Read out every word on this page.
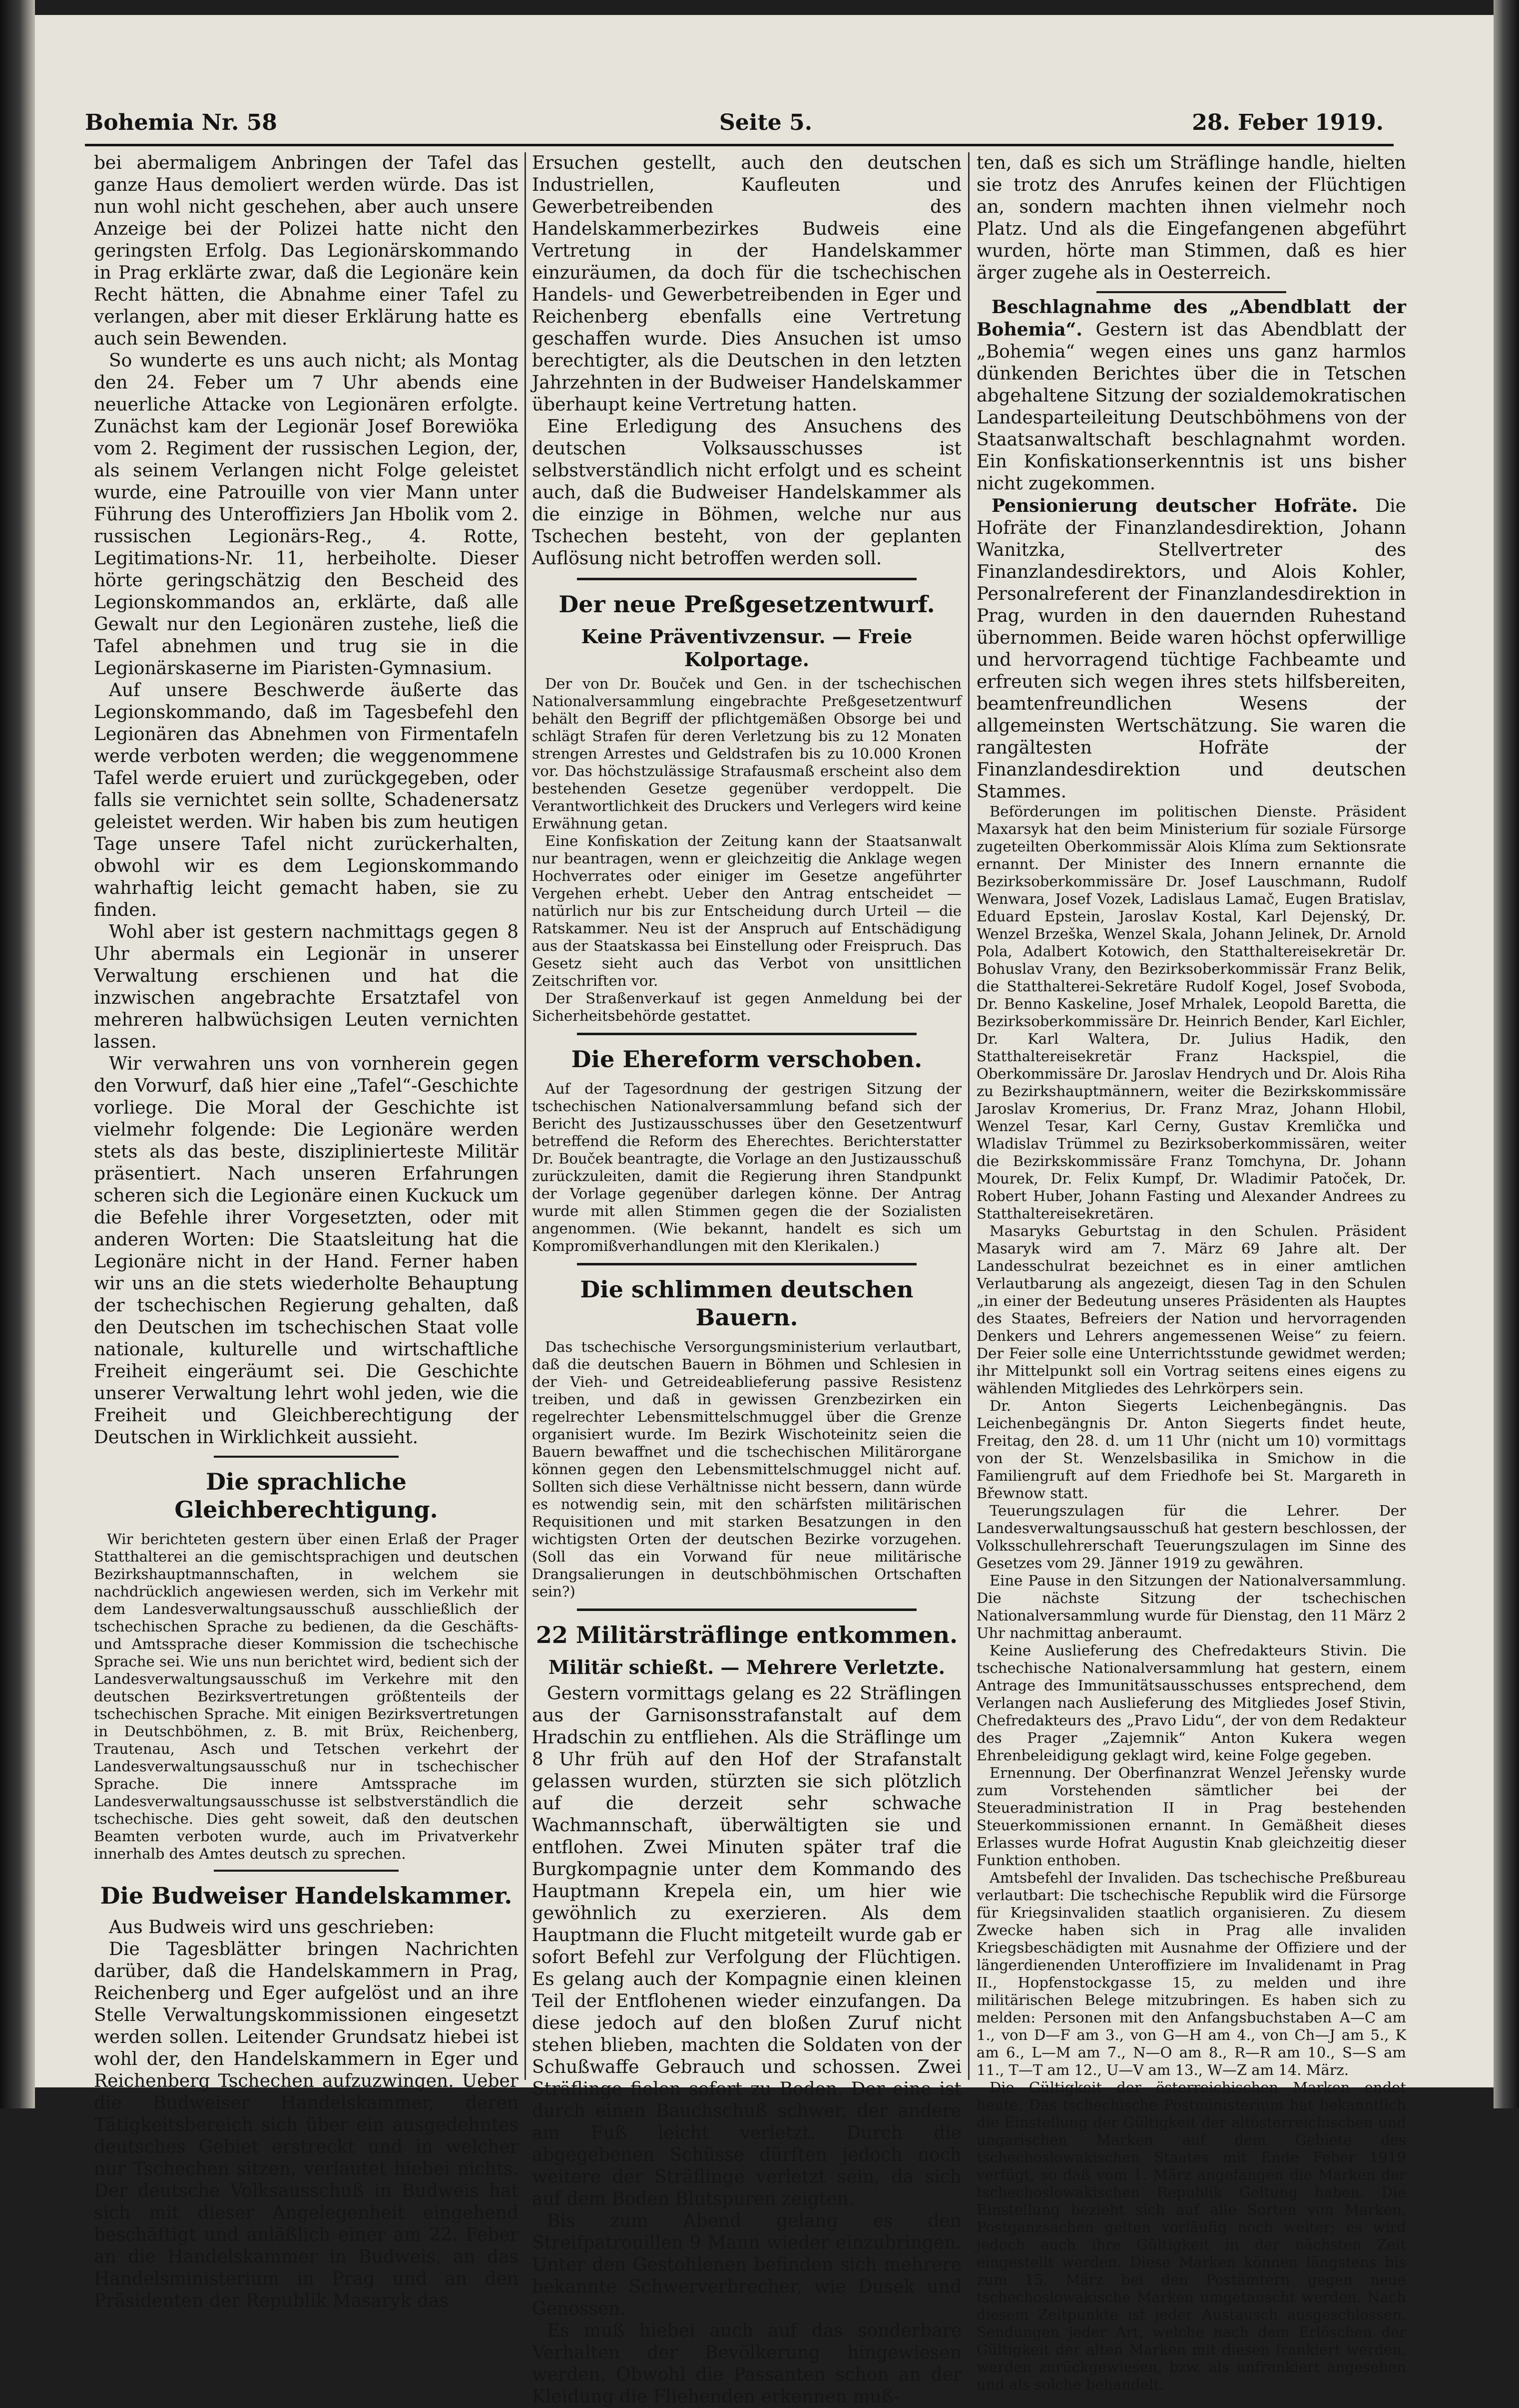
Bohemia Nr. 58	Seite 5.	28. Feber 1919.

bei abermaligem Anbringen der Tafel das ganze Haus demoliert werden würde. Das ist nun wohl nicht geschehen, aber auch unsere Anzeige bei der Polizei hatte nicht den geringsten Erfolg. Das Legionärskommando in Prag erklärte zwar, daß die Legionäre kein Recht hätten, die Abnahme einer Tafel zu verlangen, aber mit dieser Erklärung hatte es auch sein Bewenden.

So wunderte es uns auch nicht; als Montag den 24. Feber um 7 Uhr abends eine neuerliche Attacke von Legionären erfolgte. Zunächst kam der Legionär Josef Borewiöka vom 2. Regiment der russischen Legion, der, als seinem Verlangen nicht Folge geleistet wurde, eine Patrouille von vier Mann unter Führung des Unteroffiziers Jan Hbolik vom 2. russischen Legionärs-Reg., 4. Rotte, Legitimations-Nr. 11, herbeiholte. Dieser hörte geringschätzig den Bescheid des Legionskommandos an, erklärte, daß alle Gewalt nur den Legionären zustehe, ließ die Tafel abnehmen und trug sie in die Legionärskaserne im Piaristen-Gymnasium.

Auf unsere Beschwerde äußerte das Legionskommando, daß im Tagesbefehl den Legionären das Abnehmen von Firmentafeln werde verboten werden; die weggenommene Tafel werde eruiert und zurückgegeben, oder falls sie vernichtet sein sollte, Schadenersatz geleistet werden. Wir haben bis zum heutigen Tage unsere Tafel nicht zurückerhalten, obwohl wir es dem Legionskommando wahrhaftig leicht gemacht haben, sie zu finden.

Wohl aber ist gestern nachmittags gegen 8 Uhr abermals ein Legionär in unserer Verwaltung erschienen und hat die inzwischen angebrachte Ersatztafel von mehreren halbwüchsigen Leuten vernichten lassen.

Wir verwahren uns von vornherein gegen den Vorwurf, daß hier eine „Tafel“-Geschichte vorliege. Die Moral der Geschichte ist vielmehr folgende: Die Legionäre werden stets als das beste, disziplinierteste Militär präsentiert. Nach unseren Erfahrungen scheren sich die Legionäre einen Kuckuck um die Befehle ihrer Vorgesetzten, oder mit anderen Worten: Die Staatsleitung hat die Legionäre nicht in der Hand. Ferner haben wir uns an die stets wiederholte Behauptung der tschechischen Regierung gehalten, daß den Deutschen im tschechischen Staat volle nationale, kulturelle und wirtschaftliche Freiheit eingeräumt sei. Die Geschichte unserer Verwaltung lehrt wohl jeden, wie die Freiheit und Gleichberechtigung der Deutschen in Wirklichkeit aussieht.

Die sprachliche Gleichberechtigung.

Wir berichteten gestern über einen Erlaß der Prager Statthalterei an die gemischtsprachigen und deutschen Bezirkshauptmannschaften, in welchem sie nachdrücklich angewiesen werden, sich im Verkehr mit dem Landesverwaltungsausschuß ausschließlich der tschechischen Sprache zu bedienen, da die Geschäfts- und Amtssprache dieser Kommission die tschechische Sprache sei. Wie uns nun berichtet wird, bedient sich der Landesverwaltungsausschuß im Verkehre mit den deutschen Bezirksvertretungen größtenteils der tschechischen Sprache. Mit einigen Bezirksvertretungen in Deutschböhmen, z. B. mit Brüx, Reichenberg, Trautenau, Asch und Tetschen verkehrt der Landesverwaltungsausschuß nur in tschechischer Sprache. Die innere Amtssprache im Landesverwaltungsausschusse ist selbstverständlich die tschechische. Dies geht soweit, daß den deutschen Beamten verboten wurde, auch im Privatverkehr innerhalb des Amtes deutsch zu sprechen.

Die Budweiser Handelskammer.

Aus Budweis wird uns geschrieben:

Die Tagesblätter bringen Nachrichten darüber, daß die Handelskammern in Prag, Reichenberg und Eger aufgelöst und an ihre Stelle Verwaltungskommissionen eingesetzt werden sollen. Leitender Grundsatz hiebei ist wohl der, den Handelskammern in Eger und Reichenberg Tschechen aufzuzwingen. Ueber die Budweiser Handelskammer, deren Tätigkeitsbereich sich über ein ausgedehntes deutsches Gebiet erstreckt und in welcher nur Tschechen sitzen, verlautet hiebei nichts. Der deutsche Volksausschuß in Budweis hat sich mit dieser Angelegenheit eingehend beschäftigt und anläßlich einer am 22. Feber an die Handelskammer in Budweis, an das Handelsministerium in Prag und an den Präsidenten der Republik Masaryk das

Ersuchen gestellt, auch den deutschen Industriellen, Kaufleuten und Gewerbetreibenden des Handelskammerbezirkes Budweis eine Vertretung in der Handelskammer einzuräumen, da doch für die tschechischen Handels- und Gewerbetreibenden in Eger und Reichenberg ebenfalls eine Vertretung geschaffen wurde. Dies Ansuchen ist umso berechtigter, als die Deutschen in den letzten Jahrzehnten in der Budweiser Handelskammer überhaupt keine Vertretung hatten.

Eine Erledigung des Ansuchens des deutschen Volksausschusses ist selbstverständlich nicht erfolgt und es scheint auch, daß die Budweiser Handelskammer als die einzige in Böhmen, welche nur aus Tschechen besteht, von der geplanten Auflösung nicht betroffen werden soll.

Der neue Preßgesetzentwurf.
Keine Präventivzensur. — Freie Kolportage.

Der von Dr. Bouček und Gen. in der tschechischen Nationalversammlung eingebrachte Preßgesetzentwurf behält den Begriff der pflichtgemäßen Obsorge bei und schlägt Strafen für deren Verletzung bis zu 12 Monaten strengen Arrestes und Geldstrafen bis zu 10.000 Kronen vor. Das höchstzulässige Strafausmaß erscheint also dem bestehenden Gesetze gegenüber verdoppelt. Die Verantwortlichkeit des Druckers und Verlegers wird keine Erwähnung getan.

Eine Konfiskation der Zeitung kann der Staatsanwalt nur beantragen, wenn er gleichzeitig die Anklage wegen Hochverrates oder einiger im Gesetze angeführter Vergehen erhebt. Ueber den Antrag entscheidet — natürlich nur bis zur Entscheidung durch Urteil — die Ratskammer. Neu ist der Anspruch auf Entschädigung aus der Staatskassa bei Einstellung oder Freispruch. Das Gesetz sieht auch das Verbot von unsittlichen Zeitschriften vor.

Der Straßenverkauf ist gegen Anmeldung bei der Sicherheitsbehörde gestattet.

Die Ehereform verschoben.

Auf der Tagesordnung der gestrigen Sitzung der tschechischen Nationalversammlung befand sich der Bericht des Justizausschusses über den Gesetzentwurf betreffend die Reform des Eherechtes. Berichterstatter Dr. Bouček beantragte, die Vorlage an den Justizausschuß zurückzuleiten, damit die Regierung ihren Standpunkt der Vorlage gegenüber darlegen könne. Der Antrag wurde mit allen Stimmen gegen die der Sozialisten angenommen. (Wie bekannt, handelt es sich um Kompromißverhandlungen mit den Klerikalen.)

Die schlimmen deutschen Bauern.

Das tschechische Versorgungsministerium verlautbart, daß die deutschen Bauern in Böhmen und Schlesien in der Vieh- und Getreideablieferung passive Resistenz treiben, und daß in gewissen Grenzbezirken ein regelrechter Lebensmittelschmuggel über die Grenze organisiert wurde. Im Bezirk Wischoteinitz seien die Bauern bewaffnet und die tschechischen Militärorgane können gegen den Lebensmittelschmuggel nicht auf. Sollten sich diese Verhältnisse nicht bessern, dann würde es notwendig sein, mit den schärfsten militärischen Requisitionen und mit starken Besatzungen in den wichtigsten Orten der deutschen Bezirke vorzugehen. (Soll das ein Vorwand für neue militärische Drangsalierungen in deutschböhmischen Ortschaften sein?)

22 Militärsträflinge entkommen.
Militär schießt. — Mehrere Verletzte.

Gestern vormittags gelang es 22 Sträflingen aus der Garnisonsstrafanstalt auf dem Hradschin zu entfliehen. Als die Sträflinge um 8 Uhr früh auf den Hof der Strafanstalt gelassen wurden, stürzten sie sich plötzlich auf die derzeit sehr schwache Wachmannschaft, überwältigten sie und entflohen. Zwei Minuten später traf die Burgkompagnie unter dem Kommando des Hauptmann Krepela ein, um hier wie gewöhnlich zu exerzieren. Als dem Hauptmann die Flucht mitgeteilt wurde gab er sofort Befehl zur Verfolgung der Flüchtigen. Es gelang auch der Kompagnie einen kleinen Teil der Entflohenen wieder einzufangen. Da diese jedoch auf den bloßen Zuruf nicht stehen blieben, machten die Soldaten von der Schußwaffe Gebrauch und schossen. Zwei Sträflinge fielen sofort zu Boden. Der eine ist durch einen Bauchschuß schwer, der andere am Fuß leicht verletzt. Durch die abgegebenen Schüsse dürften jedoch noch weitere der Sträflinge verletzt sein, da sich auf dem Boden Blutspuren zeigten.

Bis zum Abend gelang es den Streifpatrouillen 9 Mann wieder einzubringen. Unter den Gestohlenen befinden sich mehrere bekannte Schwerverbrecher, wie Dusek und Genossen.

Es muß hiebei auch auf das sonderbare Verhalten der Bevölkerung hingewiesen werden. Obwohl die Passanten schon an der Kleidung die Fliehenden erkennen muß-

ten, daß es sich um Sträflinge handle, hielten sie trotz des Anrufes keinen der Flüchtigen an, sondern machten ihnen vielmehr noch Platz. Und als die Eingefangenen abgeführt wurden, hörte man Stimmen, daß es hier ärger zugehe als in Oesterreich.

Beschlagnahme des „Abendblatt der Bohemia“. Gestern ist das Abendblatt der „Bohemia“ wegen eines uns ganz harmlos dünkenden Berichtes über die in Tetschen abgehaltene Sitzung der sozialdemokratischen Landesparteileitung Deutschböhmens von der Staatsanwaltschaft beschlagnahmt worden. Ein Konfiskationserkenntnis ist uns bisher nicht zugekommen.

Pensionierung deutscher Hofräte. Die Hofräte der Finanzlandesdirektion, Johann Wanitzka, Stellvertreter des Finanzlandesdirektors, und Alois Kohler, Personalreferent der Finanzlandesdirektion in Prag, wurden in den dauernden Ruhestand übernommen. Beide waren höchst opferwillige und hervorragend tüchtige Fachbeamte und erfreuten sich wegen ihres stets hilfsbereiten, beamtenfreundlichen Wesens der allgemeinsten Wertschätzung. Sie waren die rangältesten Hofräte der Finanzlandesdirektion und deutschen Stammes.

Beförderungen im politischen Dienste. Präsident Maxarsyk hat den beim Ministerium für soziale Fürsorge zugeteilten Oberkommissär Alois Klíma zum Sektionsrate ernannt. Der Minister des Innern ernannte die Bezirksoberkommissäre Dr. Josef Lauschmann, Rudolf Wenwara, Josef Vozek, Ladislaus Lamač, Eugen Bratislav, Eduard Epstein, Jaroslav Kostal, Karl Dejenský, Dr. Wenzel Brzeška, Wenzel Skala, Johann Jelinek, Dr. Arnold Pola, Adalbert Kotowich, den Statthaltereisekretär Dr. Bohuslav Vrany, den Bezirksoberkommissär Franz Belik, die Statthalterei-Sekretäre Rudolf Kogel, Josef Svoboda, Dr. Benno Kaskeline, Josef Mrhalek, Leopold Baretta, die Bezirksoberkommissäre Dr. Heinrich Bender, Karl Eichler, Dr. Karl Waltera, Dr. Julius Hadik, den Statthaltereisekretär Franz Hackspiel, die Oberkommissäre Dr. Jaroslav Hendrych und Dr. Alois Riha zu Bezirkshauptmännern, weiter die Bezirkskommissäre Jaroslav Kromerius, Dr. Franz Mraz, Johann Hlobil, Wenzel Tesar, Karl Cerny, Gustav Kremlička und Wladislav Trümmel zu Bezirksoberkommissären, weiter die Bezirkskommissäre Franz Tomchyna, Dr. Johann Mourek, Dr. Felix Kumpf, Dr. Wladimir Patoček, Dr. Robert Huber, Johann Fasting und Alexander Andrees zu Statthaltereisekretären.

Masaryks Geburtstag in den Schulen. Präsident Masaryk wird am 7. März 69 Jahre alt. Der Landesschulrat bezeichnet es in einer amtlichen Verlautbarung als angezeigt, diesen Tag in den Schulen „in einer der Bedeutung unseres Präsidenten als Hauptes des Staates, Befreiers der Nation und hervorragenden Denkers und Lehrers angemessenen Weise“ zu feiern. Der Feier solle eine Unterrichtsstunde gewidmet werden; ihr Mittelpunkt soll ein Vortrag seitens eines eigens zu wählenden Mitgliedes des Lehrkörpers sein.

Dr. Anton Siegerts Leichenbegängnis. Das Leichenbegängnis Dr. Anton Siegerts findet heute, Freitag, den 28. d. um 11 Uhr (nicht um 10) vormittags von der St. Wenzelsbasilika in Smichow in die Familiengruft auf dem Friedhofe bei St. Margareth in Břewnow statt.

Teuerungszulagen für die Lehrer. Der Landesverwaltungsausschuß hat gestern beschlossen, der Volksschullehrerschaft Teuerungszulagen im Sinne des Gesetzes vom 29. Jänner 1919 zu gewähren.

Eine Pause in den Sitzungen der Nationalversammlung. Die nächste Sitzung der tschechischen Nationalversammlung wurde für Dienstag, den 11 März 2 Uhr nachmittag anberaumt.

Keine Auslieferung des Chefredakteurs Stivin. Die tschechische Nationalversammlung hat gestern, einem Antrage des Immunitätsausschusses entsprechend, dem Verlangen nach Auslieferung des Mitgliedes Josef Stivin, Chefredakteurs des „Pravo Lidu“, der von dem Redakteur des Prager „Zajemnik“ Anton Kukera wegen Ehrenbeleidigung geklagt wird, keine Folge gegeben.

Ernennung. Der Oberfinanzrat Wenzel Jeřensky wurde zum Vorstehenden sämtlicher bei der Steueradministration II in Prag bestehenden Steuerkommissionen ernannt. In Gemäßheit dieses Erlasses wurde Hofrat Augustin Knab gleichzeitig dieser Funktion enthoben.

Amtsbefehl der Invaliden. Das tschechische Preßbureau verlautbart: Die tschechische Republik wird die Fürsorge für Kriegsinvaliden staatlich organisieren. Zu diesem Zwecke haben sich in Prag alle invaliden Kriegsbeschädigten mit Ausnahme der Offiziere und der längerdienenden Unteroffiziere im Invalidenamt in Prag II., Hopfenstockgasse 15, zu melden und ihre militärischen Belege mitzubringen. Es haben sich zu melden: Personen mit den Anfangsbuchstaben A—C am 1., von D—F am 3., von G—H am 4., von Ch—J am 5., K am 6., L—M am 7., N—O am 8., R—R am 10., S—S am 11., T—T am 12., U—V am 13., W—Z am 14. März.

Die Gültigkeit der österreichischen Marken endet heute. Das tschechische Postministerium hat bekanntlich die Einstellung der Gültigkeit der altösterreichischen und ungarischen Marken auf dem Gebiete des tschechoslowakischen Staates mit Ende Feber 1919 verfügt, so daß vom 1. März angefangen die Marken der tschechoslowakischen Republik Geltung haben. Die Einstellung bezieht sich auf alle Sorten von Marken, Postganzsachen gelten vorläufig noch weiter; es wird jedoch auch ihre Gültigkeit in der nächsten Zeit eingestellt werden. Diese Marken können längstens bis zum 15. März bei den Postämtern gegen neue tschechoslowakische Marken umgetauscht werden. Nach diesem Zeitpunkte ist jeder Austausch ausgeschlossen. Sendungen jeder Art, welche nach dem Erlöschen der Gültigkeit der alten Marken mit diesen frankiert werden, werden zurückgewiesen, bzw. als unfrankiert angesehen und als solche behandelt.
